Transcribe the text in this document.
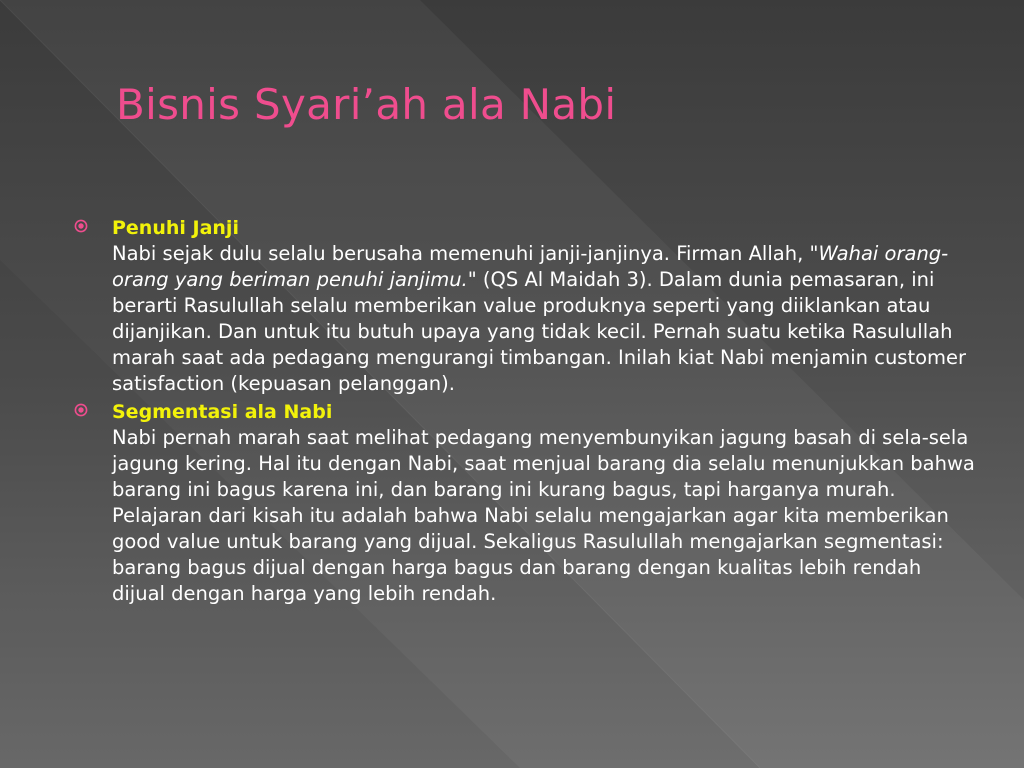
Bisnis Syari’ah ala Nabi
Penuhi Janji
Nabi sejak dulu selalu berusaha memenuhi janji-janjinya. Firman Allah, "Wahai orang-orang yang beriman penuhi janjimu." (QS Al Maidah 3). Dalam dunia pemasaran, ini berarti Rasulullah selalu memberikan value produknya seperti yang diiklankan atau dijanjikan. Dan untuk itu butuh upaya yang tidak kecil. Pernah suatu ketika Rasulullah marah saat ada pedagang mengurangi timbangan. Inilah kiat Nabi menjamin customer satisfaction (kepuasan pelanggan).
Segmentasi ala Nabi
Nabi pernah marah saat melihat pedagang menyembunyikan jagung basah di sela-sela jagung kering. Hal itu dengan Nabi, saat menjual barang dia selalu menunjukkan bahwa barang ini bagus karena ini, dan barang ini kurang bagus, tapi harganya murah. Pelajaran dari kisah itu adalah bahwa Nabi selalu mengajarkan agar kita memberikan good value untuk barang yang dijual. Sekaligus Rasulullah mengajarkan segmentasi: barang bagus dijual dengan harga bagus dan barang dengan kualitas lebih rendah dijual dengan harga yang lebih rendah.
